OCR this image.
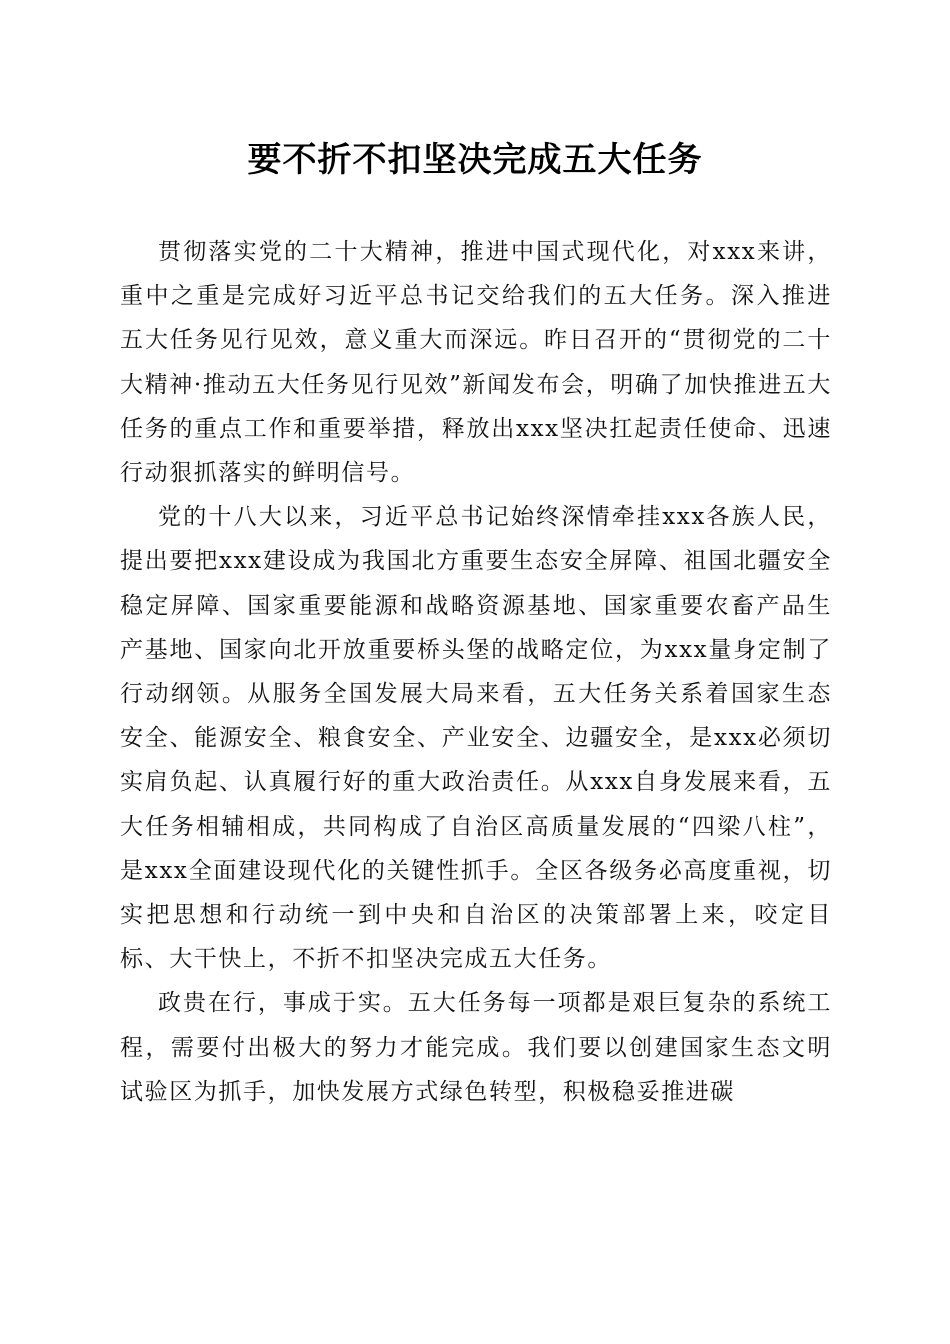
要不折不扣坚决完成五大任务

贯彻落实党的二十大精神，推进中国式现代化，对xxx来讲，重中之重是完成好习近平总书记交给我们的五大任务。深入推进五大任务见行见效，意义重大而深远。昨日召开的“贯彻党的二十大精神·推动五大任务见行见效”新闻发布会，明确了加快推进五大任务的重点工作和重要举措，释放出xxx坚决扛起责任使命、迅速行动狠抓落实的鲜明信号。

党的十八大以来，习近平总书记始终深情牵挂xxx各族人民，提出要把xxx建设成为我国北方重要生态安全屏障、祖国北疆安全稳定屏障、国家重要能源和战略资源基地、国家重要农畜产品生产基地、国家向北开放重要桥头堡的战略定位，为xxx量身定制了行动纲领。从服务全国发展大局来看，五大任务关系着国家生态安全、能源安全、粮食安全、产业安全、边疆安全，是xxx必须切实肩负起、认真履行好的重大政治责任。从xxx自身发展来看，五大任务相辅相成，共同构成了自治区高质量发展的“四梁八柱”，是xxx全面建设现代化的关键性抓手。全区各级务必高度重视，切实把思想和行动统一到中央和自治区的决策部署上来，咬定目标、大干快上，不折不扣坚决完成五大任务。

政贵在行，事成于实。五大任务每一项都是艰巨复杂的系统工程，需要付出极大的努力才能完成。我们要以创建国家生态文明试验区为抓手，加快发展方式绿色转型，积极稳妥推进碳
